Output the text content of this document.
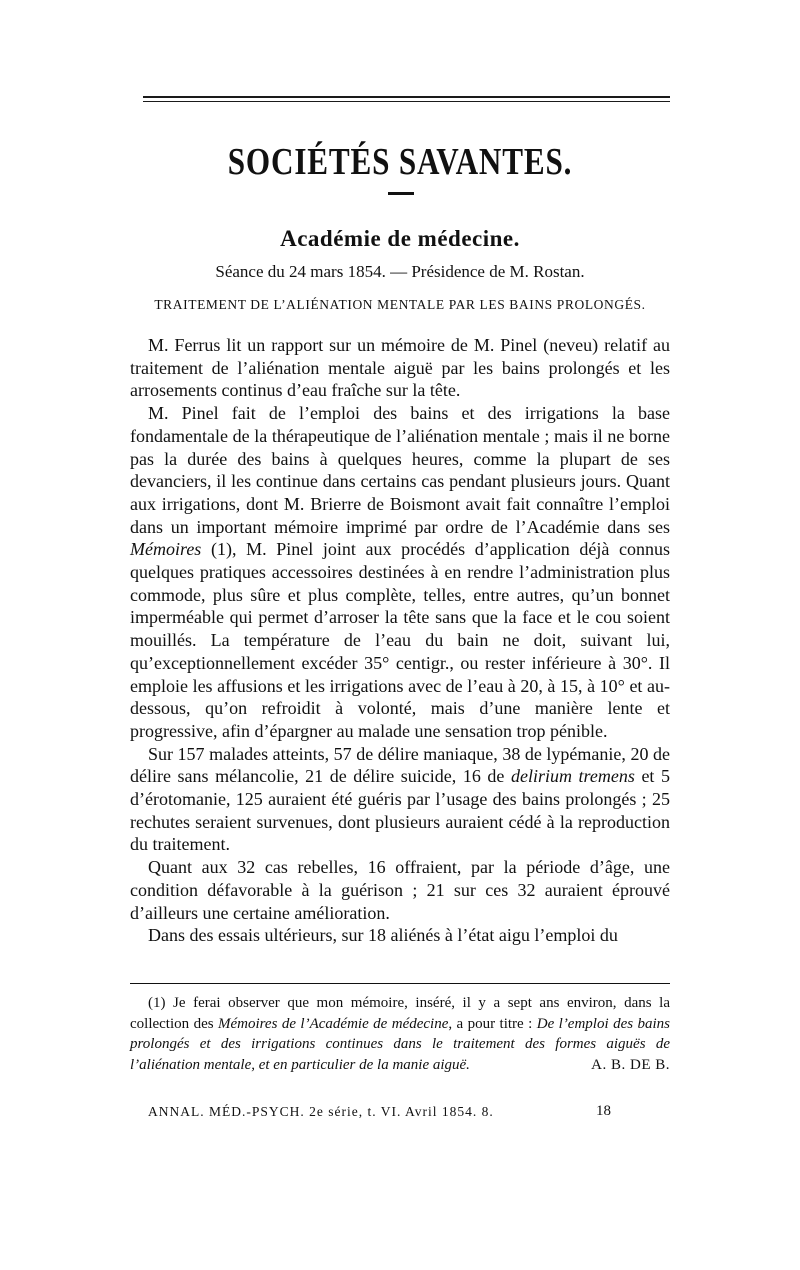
SOCIÉTÉS SAVANTES.
Académie de médecine.
Séance du 24 mars 1854. — Présidence de M. Rostan.
TRAITEMENT DE L’ALIÉNATION MENTALE PAR LES BAINS PROLONGÉS.

M. Ferrus lit un rapport sur un mémoire de M. Pinel (neveu) relatif au traitement de l’aliénation mentale aiguë par les bains prolongés et les arrosements continus d’eau fraîche sur la tête.

M. Pinel fait de l’emploi des bains et des irrigations la base fondamentale de la thérapeutique de l’aliénation mentale ; mais il ne borne pas la durée des bains à quelques heures, comme la plupart de ses devanciers, il les continue dans certains cas pendant plusieurs jours. Quant aux irrigations, dont M. Brierre de Boismont avait fait connaître l’emploi dans un important mémoire imprimé par ordre de l’Académie dans ses Mémoires (1), M. Pinel joint aux procédés d’application déjà connus quelques pratiques accessoires destinées à en rendre l’administration plus commode, plus sûre et plus complète, telles, entre autres, qu’un bonnet imperméable qui permet d’arroser la tête sans que la face et le cou soient mouillés. La température de l’eau du bain ne doit, suivant lui, qu’exceptionnellement excéder 35° centigr., ou rester inférieure à 30°. Il emploie les affusions et les irrigations avec de l’eau à 20, à 15, à 10° et au-dessous, qu’on refroidit à volonté, mais d’une manière lente et progressive, afin d’épargner au malade une sensation trop pénible.

Sur 157 malades atteints, 57 de délire maniaque, 38 de lypémanie, 20 de délire sans mélancolie, 21 de délire suicide, 16 de delirium tremens et 5 d’érotomanie, 125 auraient été guéris par l’usage des bains prolongés ; 25 rechutes seraient survenues, dont plusieurs auraient cédé à la reproduction du traitement.

Quant aux 32 cas rebelles, 16 offraient, par la période d’âge, une condition défavorable à la guérison ; 21 sur ces 32 auraient éprouvé d’ailleurs une certaine amélioration.

Dans des essais ultérieurs, sur 18 aliénés à l’état aigu l’emploi du

(1) Je ferai observer que mon mémoire, inséré, il y a sept ans environ, dans la collection des Mémoires de l’Académie de médecine, a pour titre : De l’emploi des bains prolongés et des irrigations continues dans le traitement des formes aiguës de l’aliénation mentale, et en particulier de la manie aiguë.	A. B. DE B.

ANNAL. MÉD.-PSYCH. 2e série, t. VI. Avril 1854. 8.	18
